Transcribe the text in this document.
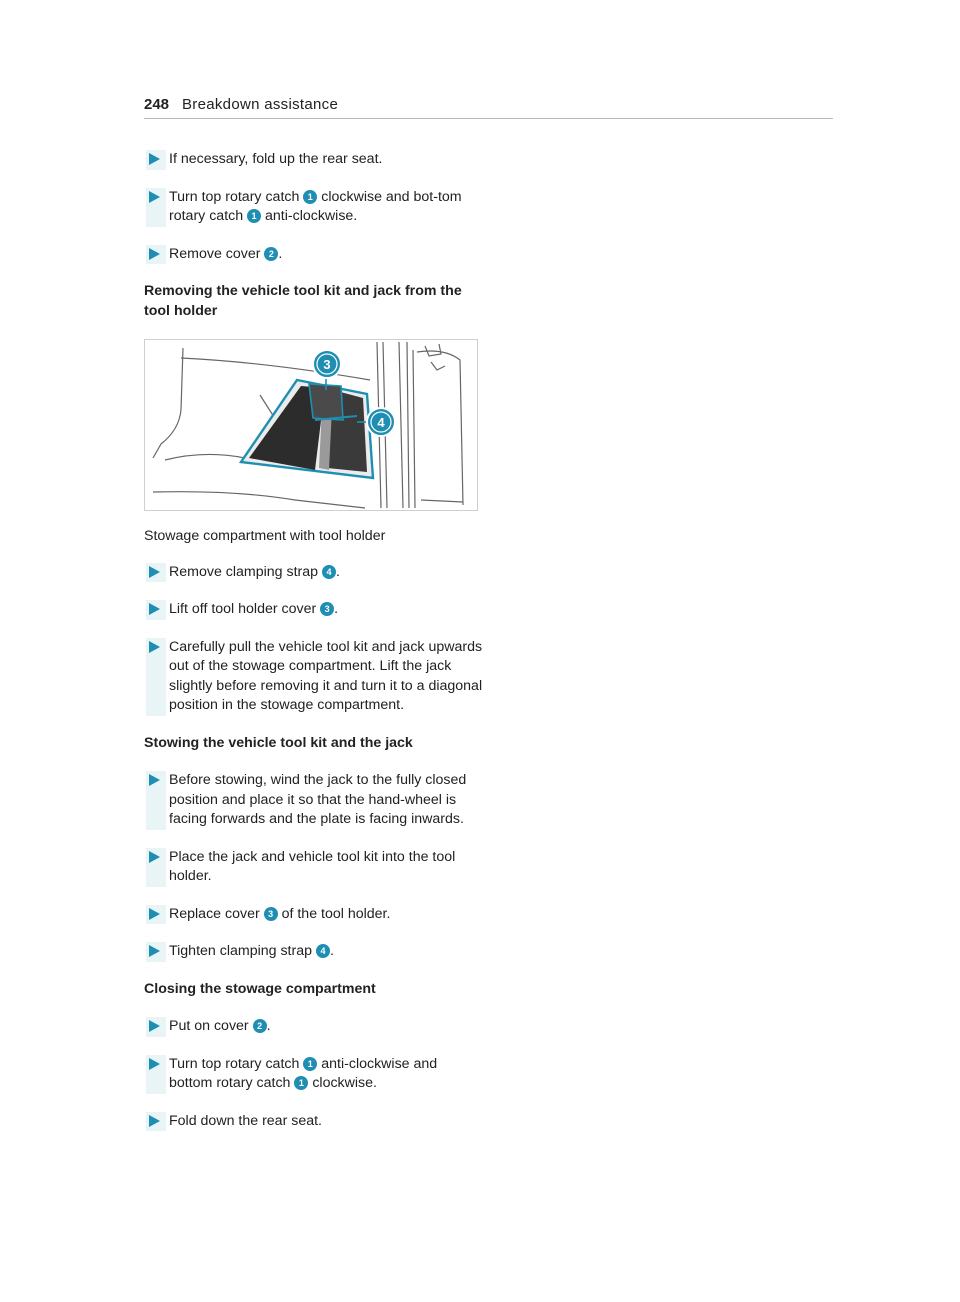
248 Breakdown assistance
If necessary, fold up the rear seat.
Turn top rotary catch 1 clockwise and bot-tom rotary catch 1 anti-clockwise.
Remove cover 2 .
Removing the vehicle tool kit and jack from the tool holder
3
4
Stowage compartment with tool holder
Remove clamping strap 4 .
Lift off tool holder cover 3 .
Carefully pull the vehicle tool kit and jack upwards out of the stowage compartment. Lift the jack slightly before removing it and turn it to a diagonal position in the stowage compartment.
Stowing the vehicle tool kit and the jack
Before stowing, wind the jack to the fully closed position and place it so that the hand-wheel is facing forwards and the plate is facing inwards.
Place the jack and vehicle tool kit into the tool holder.
Replace cover 3 of the tool holder.
Tighten clamping strap 4 .
Closing the stowage compartment
Put on cover 2 .
Turn top rotary catch 1 anti-clockwise and bottom rotary catch 1 clockwise.
Fold down the rear seat.
